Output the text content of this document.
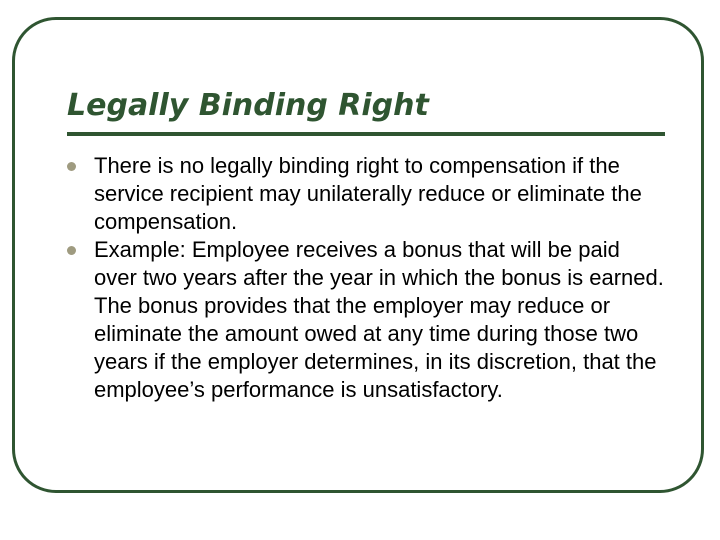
Legally Binding Right
There is no legally binding right to compensation if the service recipient may unilaterally reduce or eliminate the compensation.
Example: Employee receives a bonus that will be paid over two years after the year in which the bonus is earned. The bonus provides that the employer may reduce or eliminate the amount owed at any time during those two years if the employer determines, in its discretion, that the employee’s performance is unsatisfactory.
